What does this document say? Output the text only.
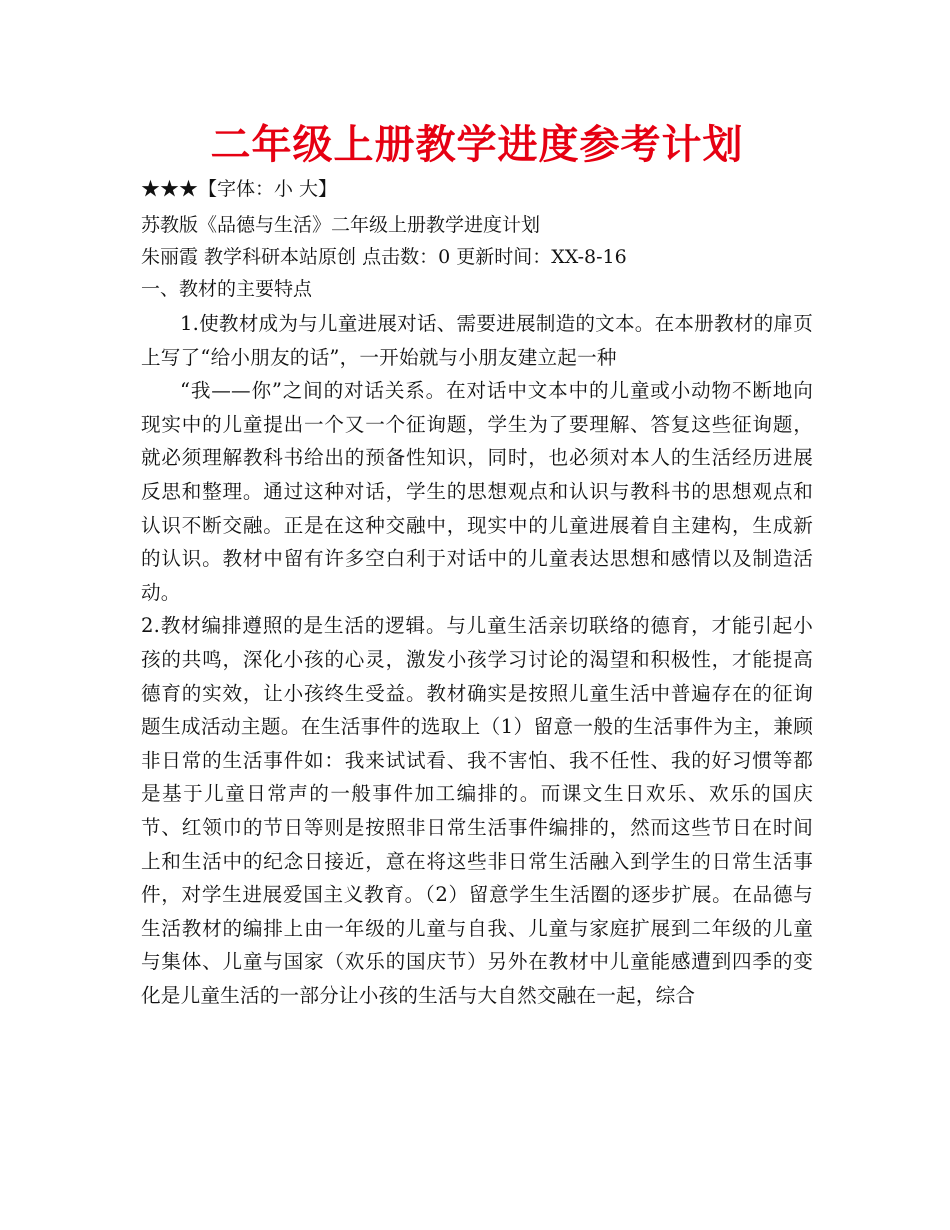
二年级上册教学进度参考计划

★★★【字体：小 大】

苏教版《品德与生活》二年级上册教学进度计划

朱丽霞 教学科研本站原创 点击数：0 更新时间：XX-8-16

一、教材的主要特点

1.使教材成为与儿童进展对话、需要进展制造的文本。在本册教材的扉页上写了“给小朋友的话”，一开始就与小朋友建立起一种

“我——你”之间的对话关系。在对话中文本中的儿童或小动物不断地向现实中的儿童提出一个又一个征询题，学生为了要理解、答复这些征询题，就必须理解教科书给出的预备性知识，同时，也必须对本人的生活经历进展反思和整理。通过这种对话，学生的思想观点和认识与教科书的思想观点和认识不断交融。正是在这种交融中，现实中的儿童进展着自主建构，生成新的认识。教材中留有许多空白利于对话中的儿童表达思想和感情以及制造活动。

2.教材编排遵照的是生活的逻辑。与儿童生活亲切联络的德育，才能引起小孩的共鸣，深化小孩的心灵，激发小孩学习讨论的渴望和积极性，才能提高德育的实效，让小孩终生受益。教材确实是按照儿童生活中普遍存在的征询题生成活动主题。在生活事件的选取上（1）留意一般的生活事件为主，兼顾非日常的生活事件如：我来试试看、我不害怕、我不任性、我的好习惯等都是基于儿童日常声的一般事件加工编排的。而课文生日欢乐、欢乐的国庆节、红领巾的节日等则是按照非日常生活事件编排的，然而这些节日在时间上和生活中的纪念日接近，意在将这些非日常生活融入到学生的日常生活事件，对学生进展爱国主义教育。（2）留意学生生活圈的逐步扩展。在品德与生活教材的编排上由一年级的儿童与自我、儿童与家庭扩展到二年级的儿童与集体、儿童与国家（欢乐的国庆节）另外在教材中儿童能感遭到四季的变化是儿童生活的一部分让小孩的生活与大自然交融在一起，综合
